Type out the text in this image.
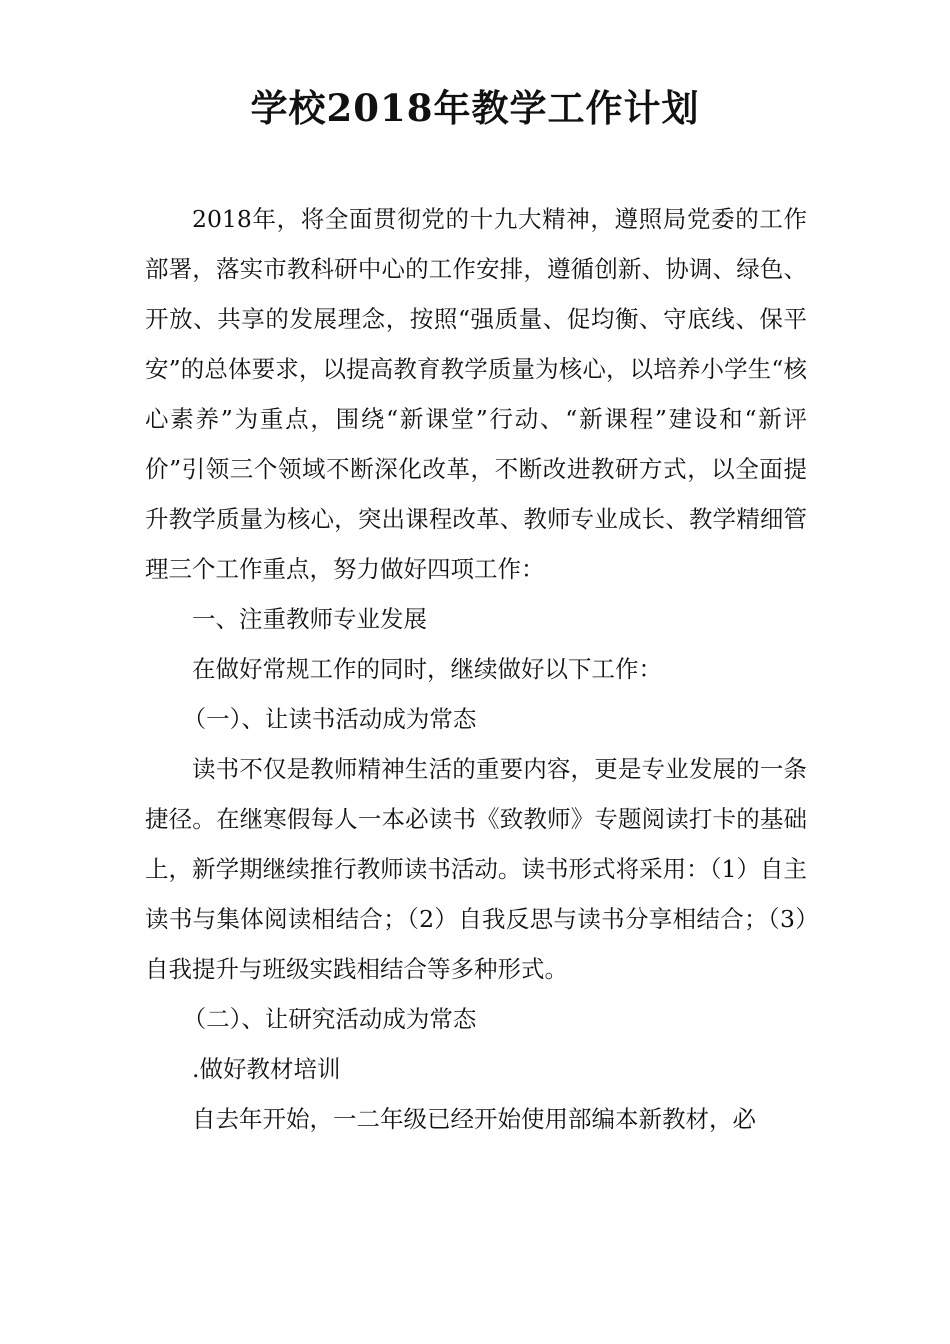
学校2018年教学工作计划

2018年，将全面贯彻党的十九大精神，遵照局党委的工作部署，落实市教科研中心的工作安排，遵循创新、协调、绿色、开放、共享的发展理念，按照“强质量、促均衡、守底线、保平安”的总体要求，以提高教育教学质量为核心，以培养小学生“核心素养”为重点，围绕“新课堂”行动、“新课程”建设和“新评价”引领三个领域不断深化改革，不断改进教研方式，以全面提升教学质量为核心，突出课程改革、教师专业成长、教学精细管理三个工作重点，努力做好四项工作：

一、注重教师专业发展

在做好常规工作的同时，继续做好以下工作：

（一）、让读书活动成为常态

读书不仅是教师精神生活的重要内容，更是专业发展的一条捷径。在继寒假每人一本必读书《致教师》专题阅读打卡的基础上，新学期继续推行教师读书活动。读书形式将采用：（1）自主读书与集体阅读相结合；（2）自我反思与读书分享相结合；（3）自我提升与班级实践相结合等多种形式。

（二）、让研究活动成为常态

.做好教材培训

自去年开始，一二年级已经开始使用部编本新教材，必
